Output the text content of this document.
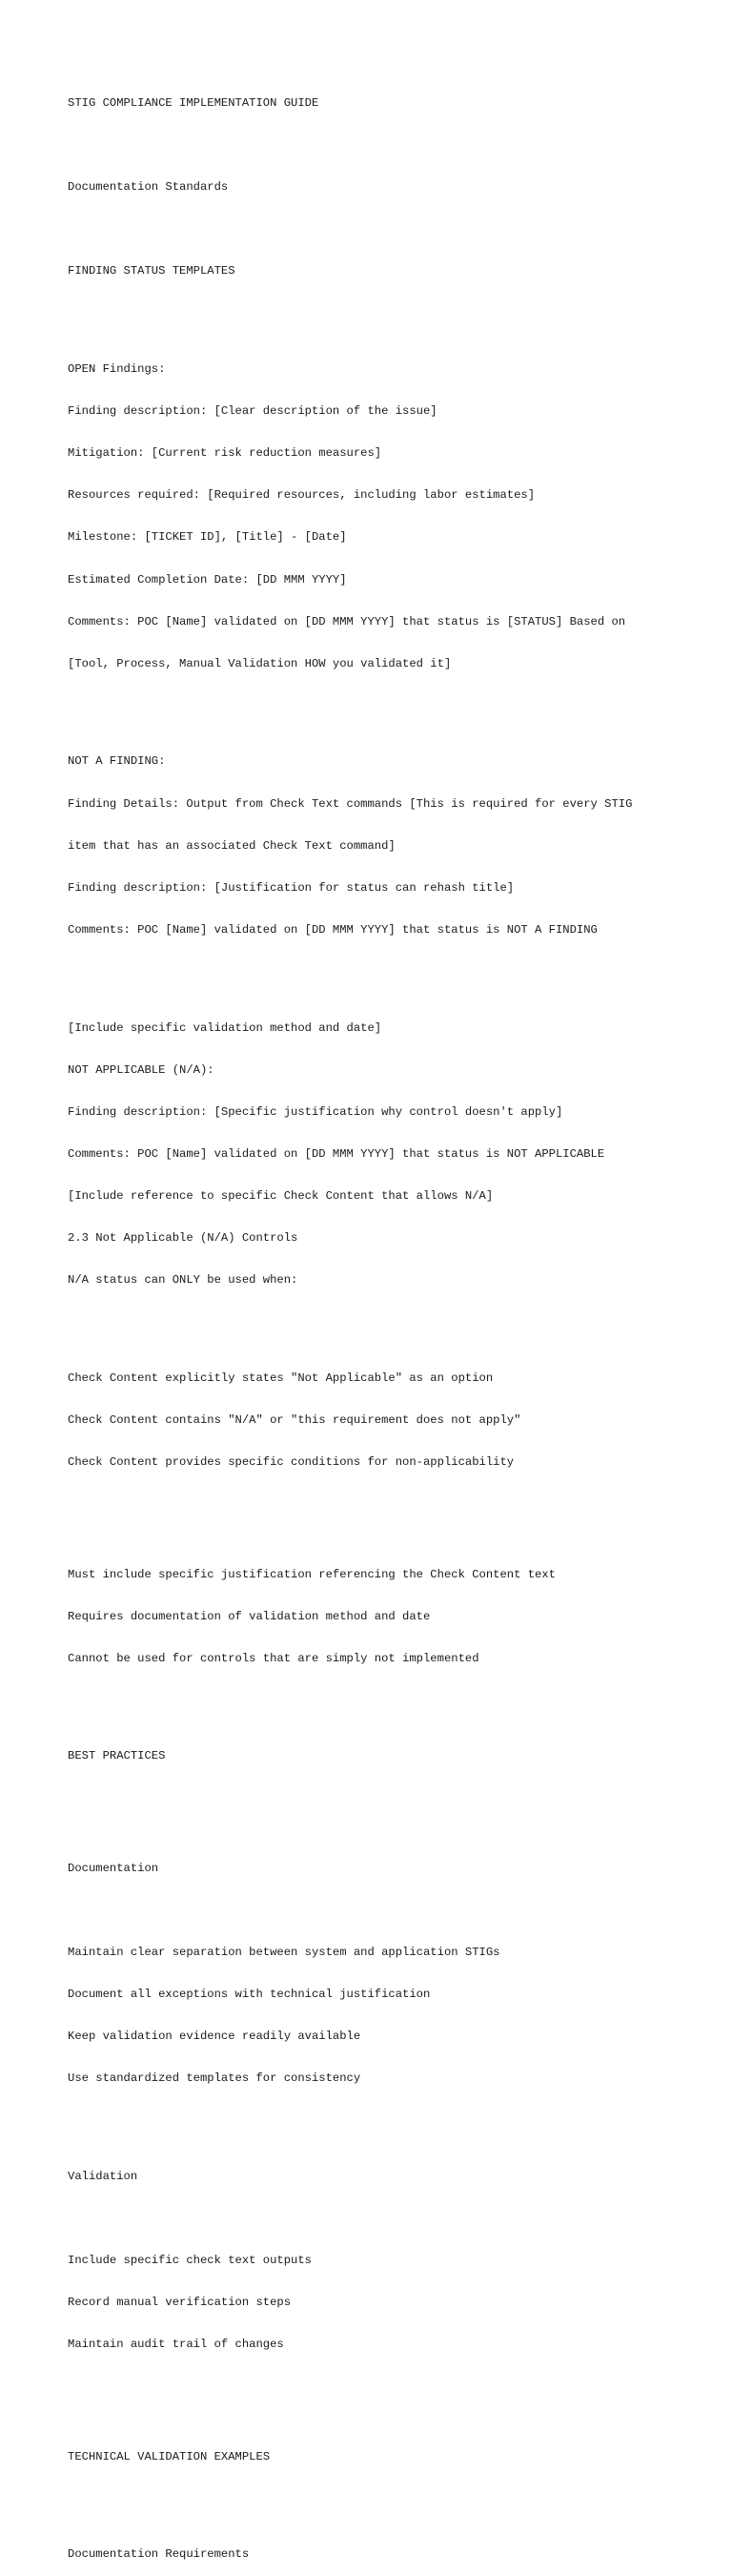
STIG COMPLIANCE IMPLEMENTATION GUIDE

Documentation Standards

FINDING STATUS TEMPLATES

OPEN Findings:

Finding description: [Clear description of the issue]

Mitigation: [Current risk reduction measures]

Resources required: [Required resources, including labor estimates]

Milestone: [TICKET ID], [Title] - [Date]

Estimated Completion Date: [DD MMM YYYY]

Comments: POC [Name] validated on [DD MMM YYYY] that status is [STATUS] Based on

[Tool, Process, Manual Validation HOW you validated it]

NOT A FINDING:

Finding Details: Output from Check Text commands [This is required for every STIG

item that has an associated Check Text command]

Finding description: [Justification for status can rehash title]

Comments: POC [Name] validated on [DD MMM YYYY] that status is NOT A FINDING

[Include specific validation method and date]

NOT APPLICABLE (N/A):

Finding description: [Specific justification why control doesn't apply]

Comments: POC [Name] validated on [DD MMM YYYY] that status is NOT APPLICABLE

[Include reference to specific Check Content that allows N/A]

2.3 Not Applicable (N/A) Controls

N/A status can ONLY be used when:

Check Content explicitly states "Not Applicable" as an option

Check Content contains "N/A" or "this requirement does not apply"

Check Content provides specific conditions for non-applicability

Must include specific justification referencing the Check Content text

Requires documentation of validation method and date

Cannot be used for controls that are simply not implemented

BEST PRACTICES

Documentation

Maintain clear separation between system and application STIGs

Document all exceptions with technical justification

Keep validation evidence readily available

Use standardized templates for consistency

Validation

Include specific check text outputs

Record manual verification steps

Maintain audit trail of changes

TECHNICAL VALIDATION EXAMPLES

Documentation Requirements
